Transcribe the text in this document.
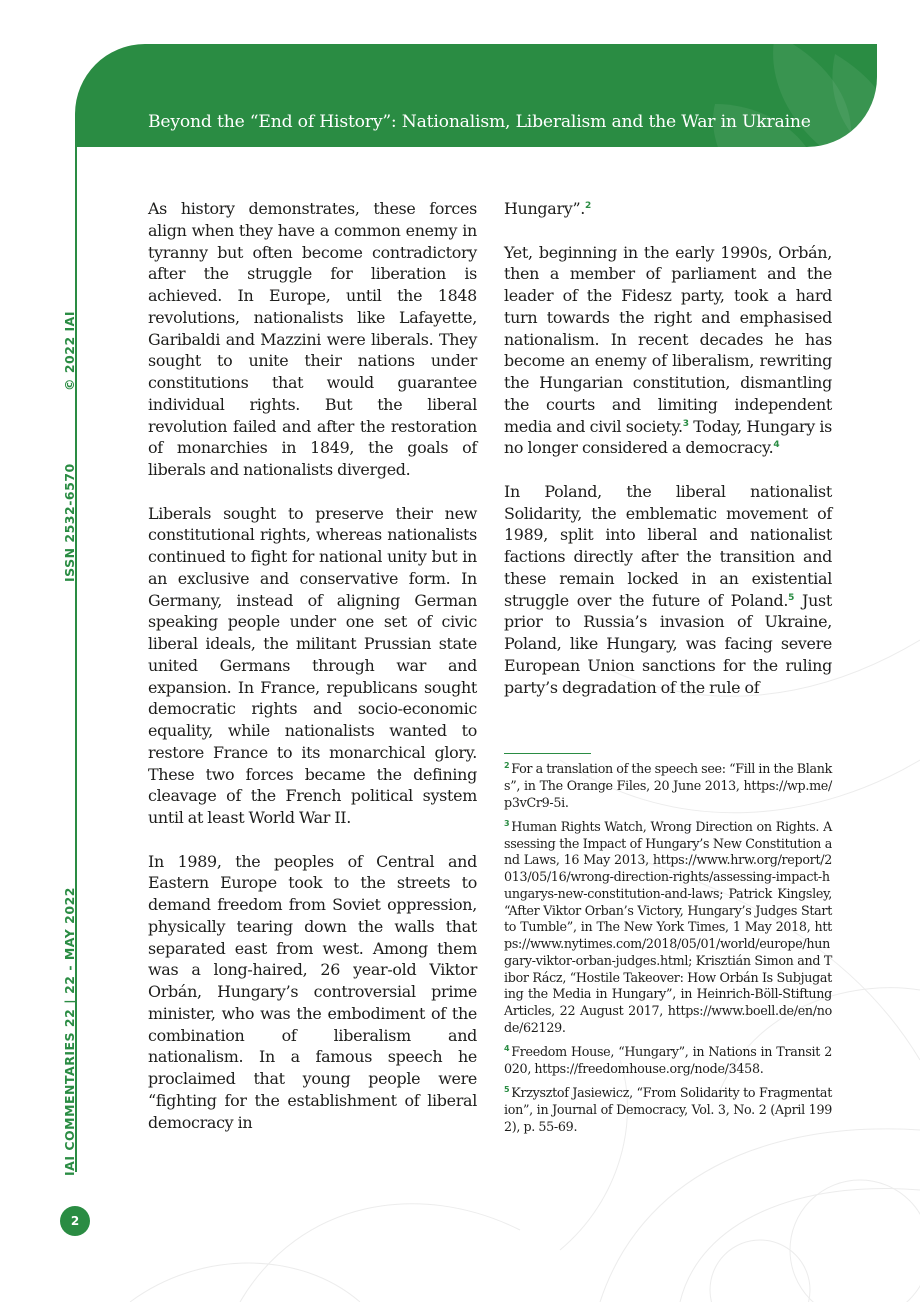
Beyond the “End of History”: Nationalism, Liberalism and the War in Ukraine
IAI COMMENTARIES 22 | 22 - MAY 2022
ISSN 2532-6570
© 2022 IAI

As history demonstrates, these forces align when they have a common enemy in tyranny but often become contradictory after the struggle for liberation is achieved. In Europe, until the 1848 revolutions, nationalists like Lafayette, Garibaldi and Mazzini were liberals. They sought to unite their nations under constitutions that would guarantee individual rights. But the liberal revolution failed and after the restoration of monarchies in 1849, the goals of liberals and nationalists diverged.

Liberals sought to preserve their new constitutional rights, whereas nationalists continued to fight for national unity but in an exclusive and conservative form. In Germany, instead of aligning German speaking people under one set of civic liberal ideals, the militant Prussian state united Germans through war and expansion. In France, republicans sought democratic rights and socio-economic equality, while nationalists wanted to restore France to its monarchical glory. These two forces became the defining cleavage of the French political system until at least World War II.

In 1989, the peoples of Central and Eastern Europe took to the streets to demand freedom from Soviet oppression, physically tearing down the walls that separated east from west. Among them was a long-haired, 26 year-old Viktor Orbán, Hungary’s controversial prime minister, who was the embodiment of the combination of liberalism and nationalism. In a famous speech he proclaimed that young people were “fighting for the establishment of liberal democracy in

Hungary”.$^2$

Yet, beginning in the early 1990s, Orbán, then a member of parliament and the leader of the Fidesz party, took a hard turn towards the right and emphasised nationalism. In recent decades he has become an enemy of liberalism, rewriting the Hungarian constitution, dismantling the courts and limiting independent media and civil society.$^3$ Today, Hungary is no longer considered a democracy.$^4$

In Poland, the liberal nationalist Solidarity, the emblematic movement of 1989, split into liberal and nationalist factions directly after the transition and these remain locked in an existential struggle over the future of Poland.$^5$ Just prior to Russia’s invasion of Ukraine, Poland, like Hungary, was facing severe European Union sanctions for the ruling party’s degradation of the rule of

$^2$ For a translation of the speech see: “Fill in the Blanks”, in The Orange Files, 20 June 2013, https://wp.me/p3vCr9-5i.
$^3$ Human Rights Watch, Wrong Direction on Rights. Assessing the Impact of Hungary’s New Constitution and Laws, 16 May 2013, https://www.hrw.org/report/2013/05/16/wrong-direction-rights/assessing-impact-hungarys-new-constitution-and-laws; Patrick Kingsley, “After Viktor Orban’s Victory, Hungary’s Judges Start to Tumble”, in The New York Times, 1 May 2018, https://www.nytimes.com/2018/05/01/world/europe/hungary-viktor-orban-judges.html; Krisztián Simon and Tibor Rácz, “Hostile Takeover: How Orbán Is Subjugating the Media in Hungary”, in Heinrich-Böll-Stiftung Articles, 22 August 2017, https://www.boell.de/en/node/62129.
$^4$ Freedom House, “Hungary”, in Nations in Transit 2020, https://freedomhouse.org/node/3458.
$^5$ Krzysztof Jasiewicz, “From Solidarity to Fragmentation”, in Journal of Democracy, Vol. 3, No. 2 (April 1992), p. 55-69.
2
